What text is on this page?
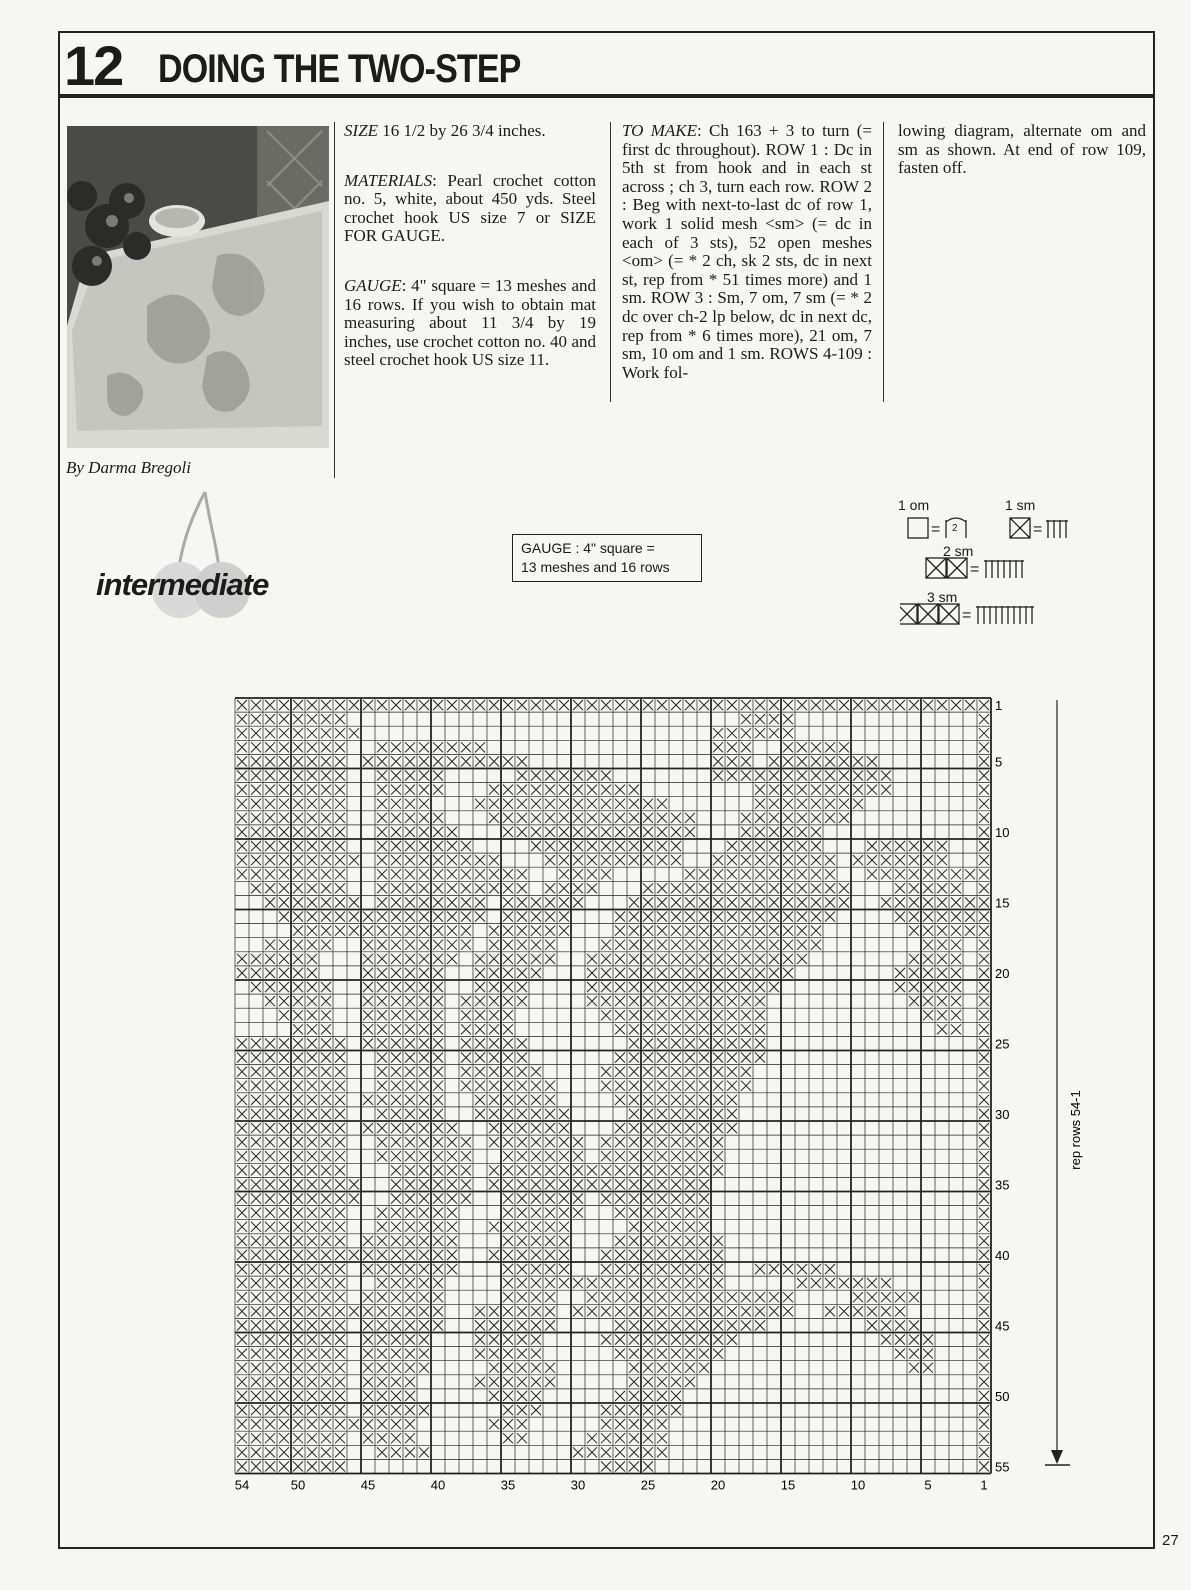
12 DOING THE TWO-STEP
By Darma Bregoli
SIZE 16 1/2 by 26 3/4 inches.
MATERIALS: Pearl crochet cotton no. 5, white, about 450 yds. Steel crochet hook US size 7 or SIZE FOR GAUGE.
GAUGE: 4" square = 13 meshes and 16 rows. If you wish to obtain mat measuring about 11 3/4 by 19 inches, use crochet cotton no. 40 and steel crochet hook US size 11.
TO MAKE: Ch 163 + 3 to turn (= first dc throughout). ROW 1 : Dc in 5th st from hook and in each st across ; ch 3, turn each row. ROW 2 : Beg with next-to-last dc of row 1, work 1 solid mesh <sm> (= dc in each of 3 sts), 52 open meshes <om> (= * 2 ch, sk 2 sts, dc in next st, rep from * 51 times more) and 1 sm. ROW 3 : Sm, 7 om, 7 sm (= * 2 dc over ch-2 lp below, dc in next dc, rep from * 6 times more), 21 om, 7 sm, 10 om and 1 sm. ROWS 4-109 : Work fol-
lowing diagram, alternate om and sm as shown. At end of row 109, fasten off.
intermediate
GAUGE : 4" square =
13 meshes and 16 rows
1 om	1 sm
2 sm
3 sm
= 2	=
=
=
54	50	45	40	35	30	25	20	15	10	5	1
1
5
10
15
20
25
30
35
40
45
50
55
rep rows 54-1
27
